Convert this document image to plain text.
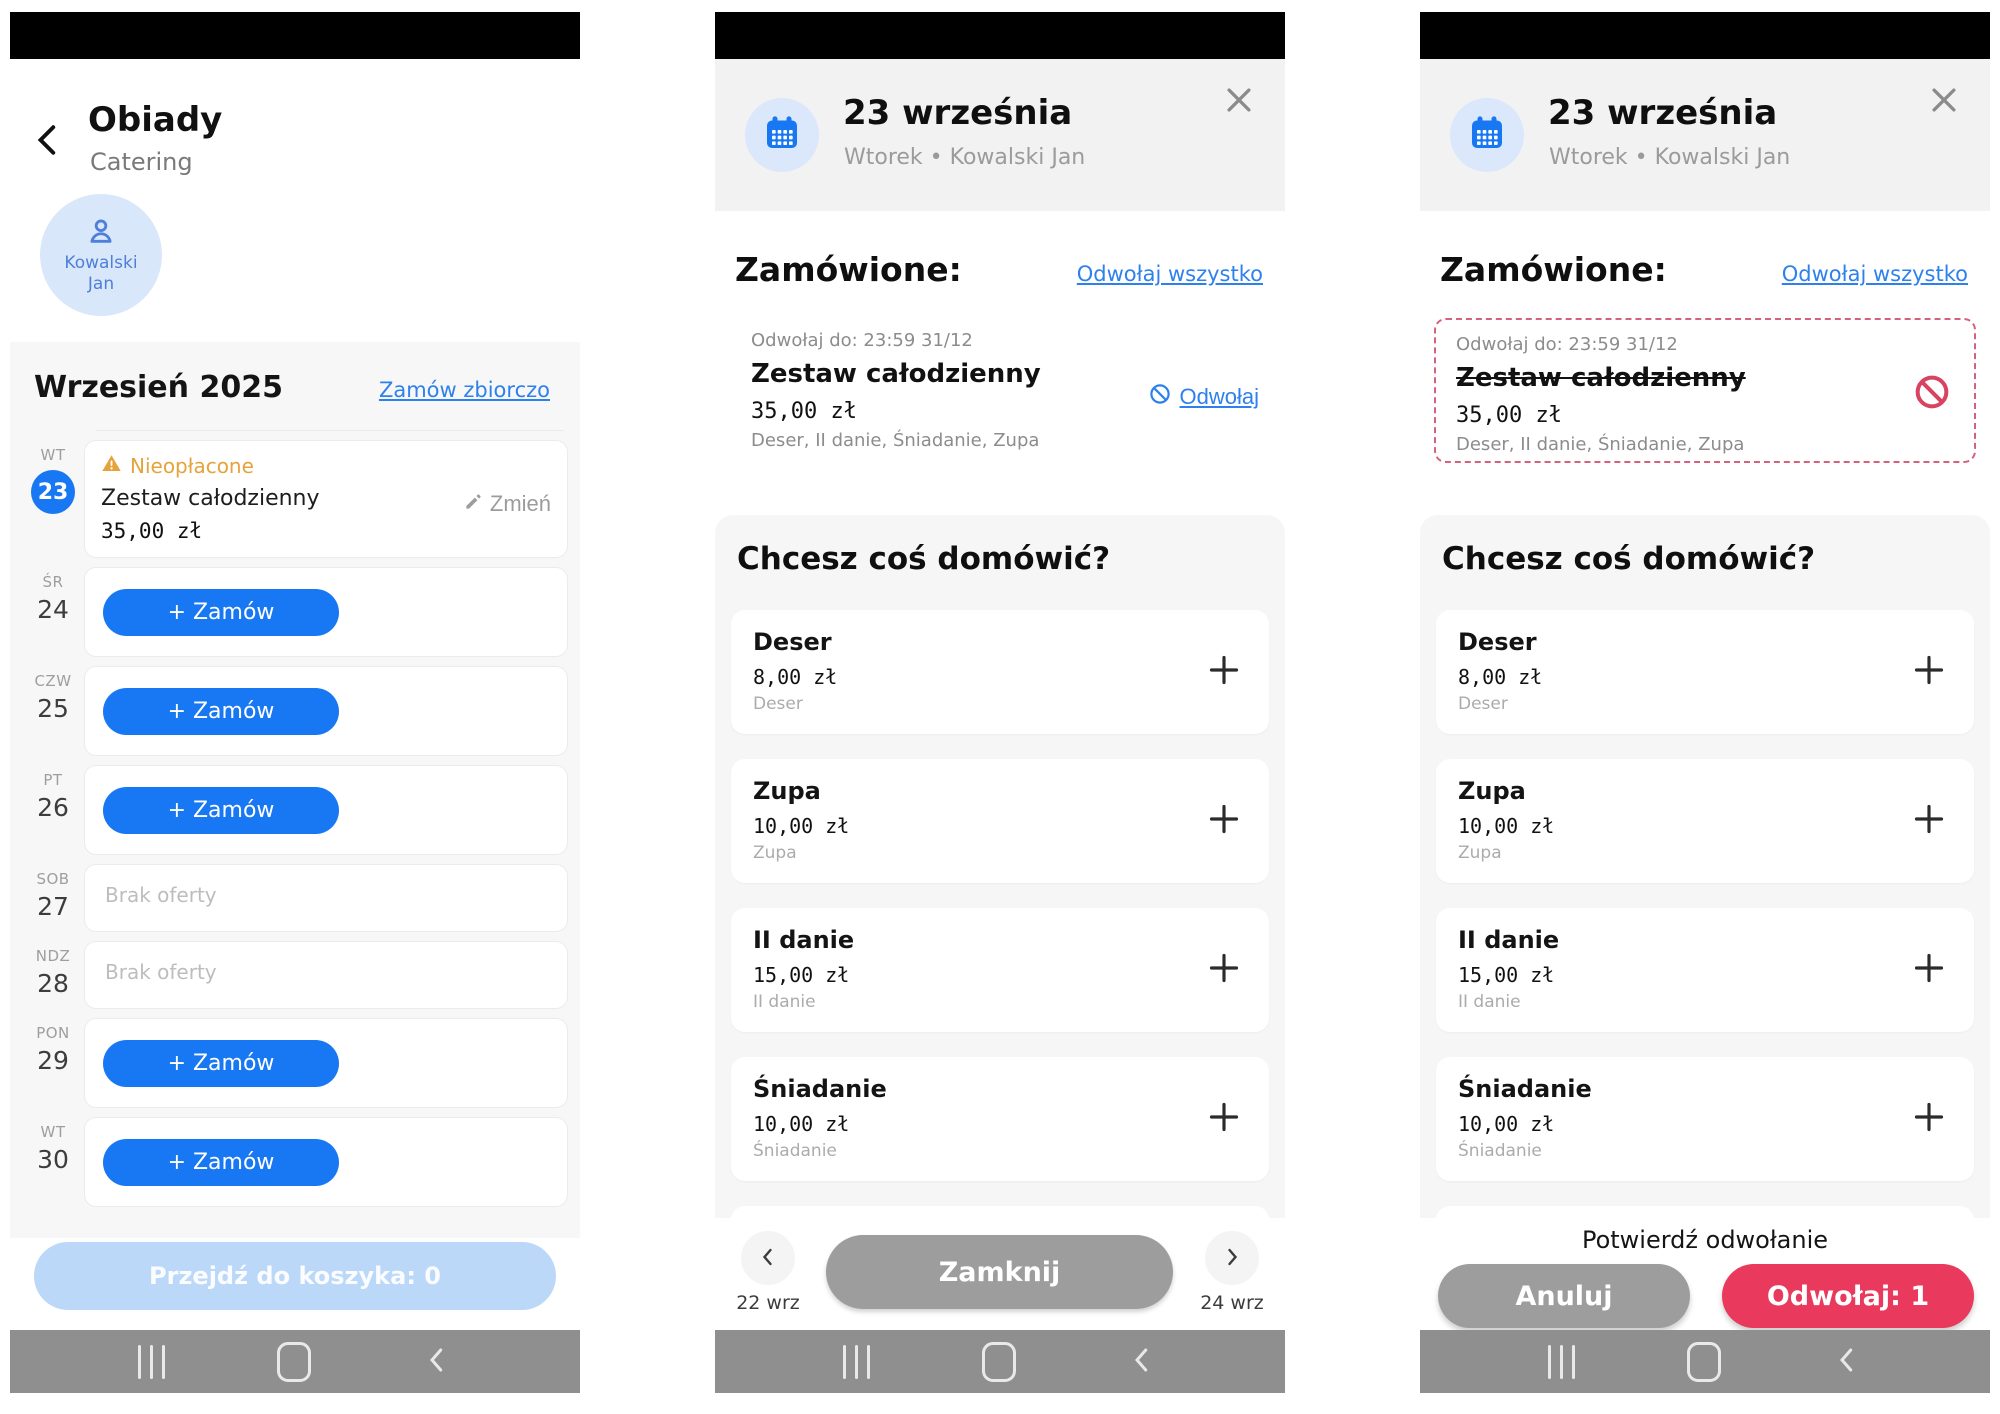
Obiady
Catering
Kowalski
Jan
Wrzesień 2025	Zamów zbiorczo
WT
23
Nieopłacone
Zestaw całodzienny
35,00 zł
Zmień
ŚR
24	+ Zamów
CZW
25	+ Zamów
PT
26	+ Zamów
SOB
27	Brak oferty
NDZ
28	Brak oferty
PON
29	+ Zamów
WT
30	+ Zamów
Przejdź do koszyka: 0
23 września
Wtorek • Kowalski Jan
Zamówione:	Odwołaj wszystko
Odwołaj do: 23:59 31/12
Zestaw całodzienny
35,00 zł
Deser, II danie, Śniadanie, Zupa
Odwołaj
Chcesz coś domówić?
Deser
8,00 zł
Deser
Zupa
10,00 zł
Zupa
II danie
15,00 zł
II danie
Śniadanie
10,00 zł
Śniadanie
22 wrz
Zamknij
24 wrz
23 września
Wtorek • Kowalski Jan
Zamówione:	Odwołaj wszystko
Odwołaj do: 23:59 31/12
Zestaw całodzienny
35,00 zł
Deser, II danie, Śniadanie, Zupa
Chcesz coś domówić?
Deser
8,00 zł
Deser
Zupa
10,00 zł
Zupa
II danie
15,00 zł
II danie
Śniadanie
10,00 zł
Śniadanie
Potwierdź odwołanie
Anuluj	Odwołaj: 1
